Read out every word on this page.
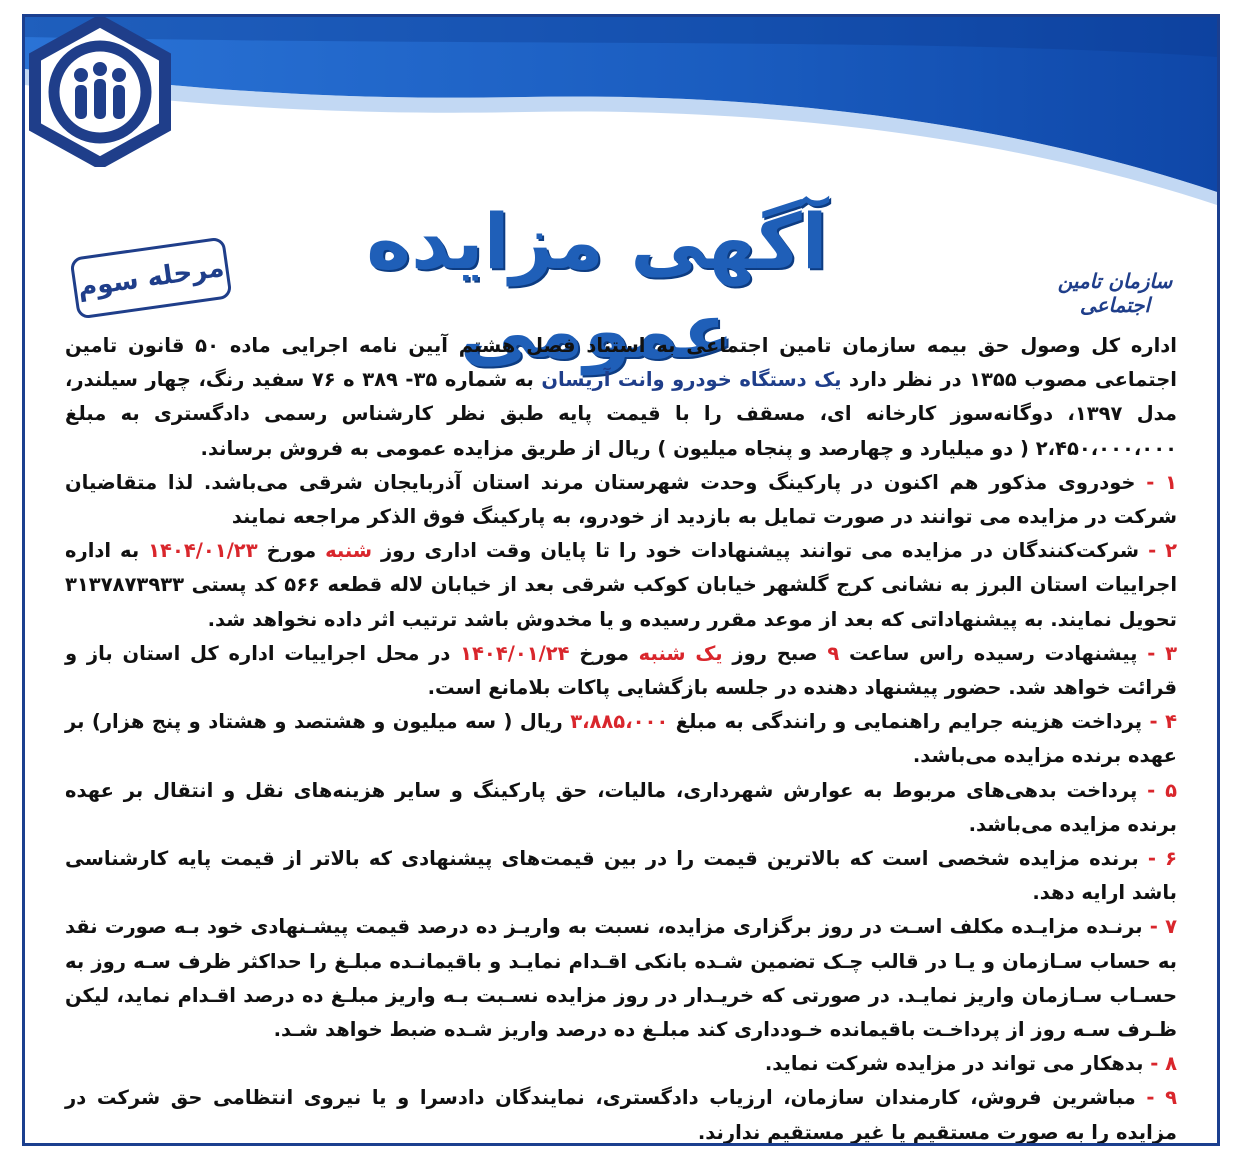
آگهی مزایده عمومی
مرحله سوم	سازمان تامین اجتماعی

اداره کل وصول حق بیمه سازمان تامین اجتماعی به استناد فصل هشتم آیین نامه اجرایی ماده ۵۰ قانون تامین اجتماعی مصوب ۱۳۵۵ در نظر دارد یک دستگاه خودرو وانت آریسان به شماره ۳۵- ۳۸۹ ه ۷۶ سفید رنگ، چهار سیلندر، مدل ۱۳۹۷، دوگانه‌سوز کارخانه ای، مسقف را با قیمت پایه طبق نظر کارشناس رسمی دادگستری به مبلغ ۲،۴۵۰،۰۰۰،۰۰۰ ( دو میلیارد و چهارصد و پنجاه میلیون ) ریال از طریق مزایده عمومی به فروش برساند.

۱ - خودروی مذکور هم اکنون در پارکینگ وحدت شهرستان مرند استان آذربایجان شرقی می‌باشد. لذا متقاضیان شرکت در مزایده می توانند در صورت تمایل به بازدید از خودرو، به پارکینگ فوق الذکر مراجعه نمایند

۲ - شرکت‌کنندگان در مزایده می توانند پیشنهادات خود را تا پایان وقت اداری روز شنبه مورخ ۱۴۰۴/۰۱/۲۳ به اداره اجراییات استان البرز به نشانی کرج گلشهر خیابان کوکب شرقی بعد از خیابان لاله قطعه ۵۶۶ کد پستی ۳۱۳۷۸۷۳۹۳۳ تحویل نمایند. به پیشنهاداتی که بعد از موعد مقرر رسیده و یا مخدوش باشد ترتیب اثر داده نخواهد شد.

۳ - پیشنهادت رسیده راس ساعت ۹ صبح روز یک شنبه مورخ ۱۴۰۴/۰۱/۲۴ در محل اجراییات اداره کل استان باز و قرائت خواهد شد. حضور پیشنهاد دهنده در جلسه بازگشایی پاکات بلامانع است.

۴ - پرداخت هزینه جرایم راهنمایی و رانندگی به مبلغ ۳،۸۸۵،۰۰۰ ریال ( سه میلیون و هشتصد و هشتاد و پنج هزار) بر عهده برنده مزایده می‌باشد.

۵ - پرداخت بدهی‌های مربوط به عوارش شهرداری، مالیات، حق پارکینگ و سایر هزینه‌های نقل و انتقال بر عهده برنده مزایده می‌باشد.

۶ - برنده مزایده شخصی است که بالاترین قیمت را در بین قیمت‌های پیشنهادی که بالاتر از قیمت پایه کارشناسی باشد ارایه دهد.

۷ - برنـده مزایـده مکلف اسـت در روز برگزاری مزایده، نسبت به واریـز ده درصد قیمت پیشـنهادی خود بـه صورت نقد به حساب سـازمان و یـا در قالب چـک تضمین شـده بانکی اقـدام نمایـد و باقیمانـده مبلـغ را حداکثر ظرف سـه روز به حسـاب سـازمان واریز نمایـد. در صورتی که خریـدار در روز مزایده نسـبت بـه واریز مبلـغ ده درصد اقـدام نماید، لیکن ظـرف سـه روز از پرداخـت باقیمانده خـودداری کند مبلـغ ده درصد واریز شـده ضبط خواهد شـد.

۸ - بدهکار می تواند در مزایده شرکت نماید.

۹ - مباشرین فروش، کارمندان سازمان، ارزیاب دادگستری، نمایندگان دادسرا و یا نیروی انتظامی حق شرکت در مزایده را به صورت مستقیم یا غیر مستقیم ندارند.
